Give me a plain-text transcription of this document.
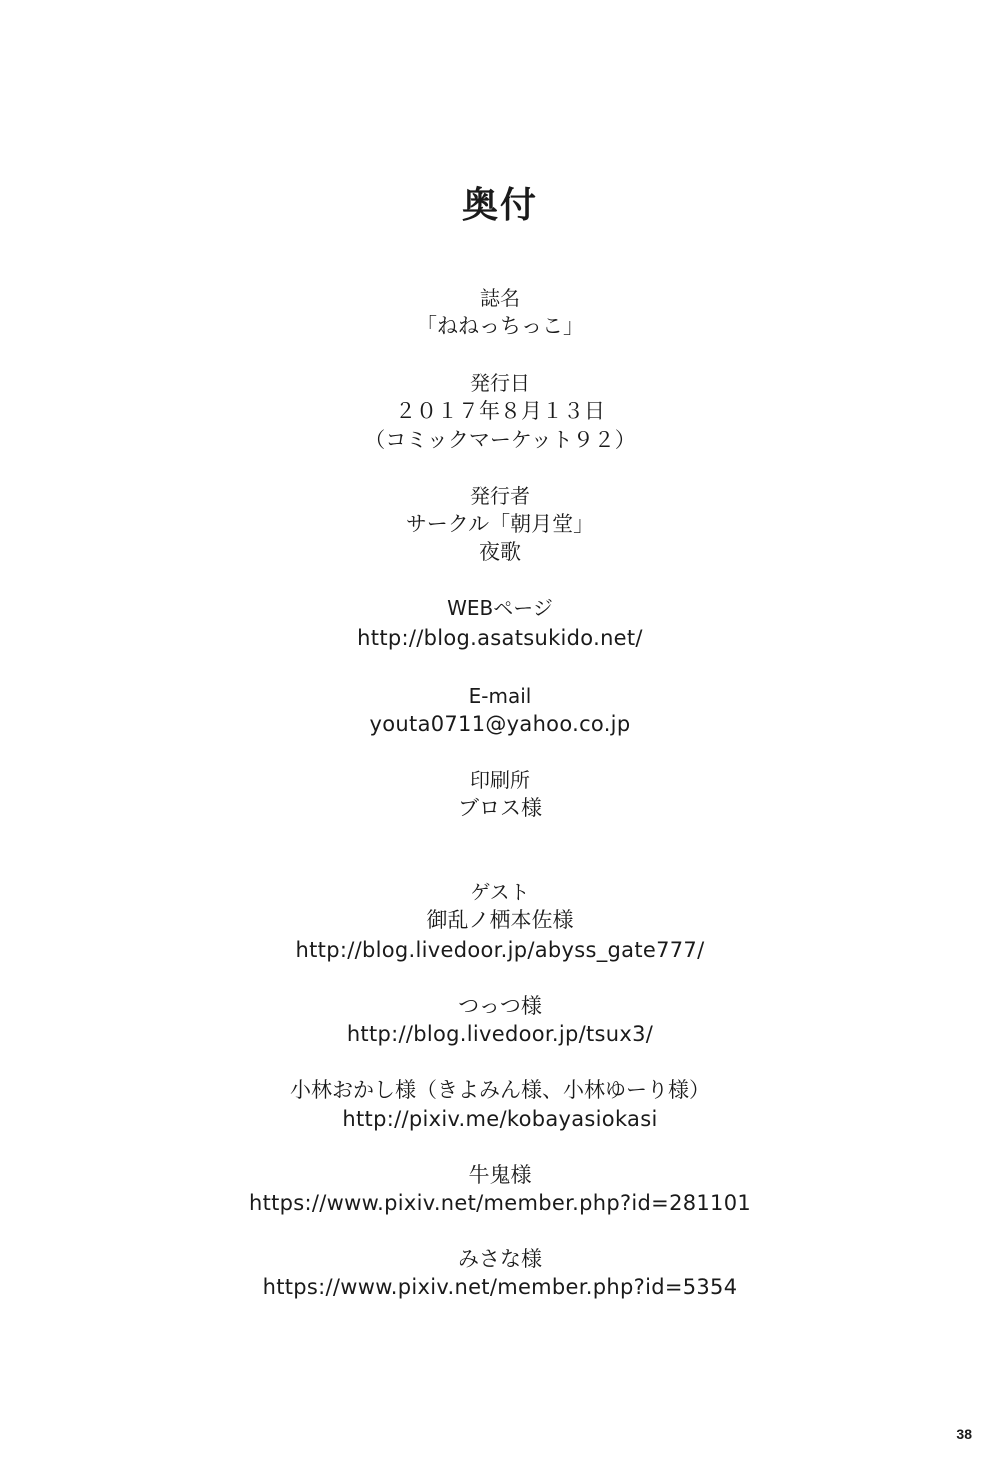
奥付
誌名
「ねねっちっこ」
発行日
２０１７年８月１３日
（コミックマーケット９２）
発行者
サークル「朝月堂」
夜歌
WEBページ
http://blog.asatsukido.net/
E-mail
youta0711@yahoo.co.jp
印刷所
ブロス様
ゲスト
御乱ノ栖本佐様
http://blog.livedoor.jp/abyss_gate777/
つっつ様
http://blog.livedoor.jp/tsux3/
小林おかし様（きよみん様、小林ゆーり様）
http://pixiv.me/kobayasiokasi
牛鬼様
https://www.pixiv.net/member.php?id=281101
みさな様
https://www.pixiv.net/member.php?id=5354
38
